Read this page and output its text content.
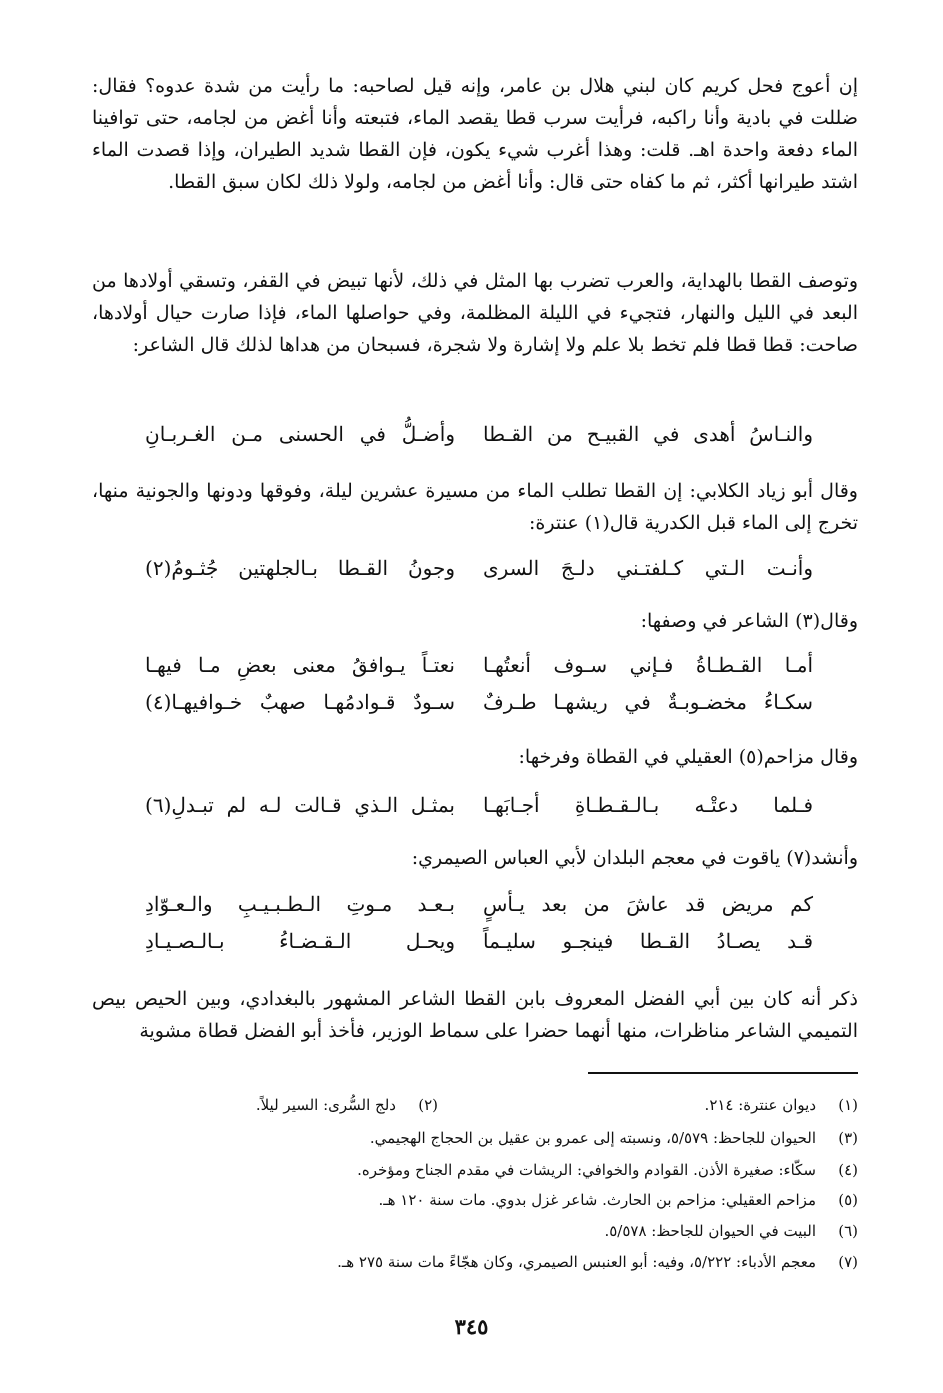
إن أعوج فحل كريم كان لبني هلال بن عامر، وإنه قيل لصاحبه: ما رأيت من شدة عدوه؟ فقال: ضللت في بادية وأنا راكبه، فرأيت سرب قطا يقصد الماء، فتبعته وأنا أغض من لجامه، حتى توافينا الماء دفعة واحدة اهـ. قلت: وهذا أغرب شيء يكون، فإن القطا شديد الطيران، وإذا قصدت الماء اشتد طيرانها أكثر، ثم ما كفاه حتى قال: وأنا أغض من لجامه، ولولا ذلك لكان سبق القطا.

وتوصف القطا بالهداية، والعرب تضرب بها المثل في ذلك، لأنها تبيض في القفر، وتسقي أولادها من البعد في الليل والنهار، فتجيء في الليلة المظلمة، وفي حواصلها الماء، فإذا صارت حيال أولادها، صاحت: قطا قطا فلم تخط بلا علم ولا إشارة ولا شجرة، فسبحان من هداها لذلك قال الشاعر:

والنـاسُ أهدى في القبيـح من القـطا
وأضـلُّ في الحسنى مـن الغـربـانِ

وقال أبو زياد الكلابي: إن القطا تطلب الماء من مسيرة عشرين ليلة، وفوقها ودونها والجونية منها، تخرج إلى الماء قبل الكدرية قال(١) عنترة:

وأنـت الـتي كـلفتـني دلـجَ السرى
وجونُ القـطا بـالجلهتين جُثـومُ(٢)

وقال(٣) الشاعر في وصفها:

أمـا القـطـاةُ فـإني سـوف أنعتُهـا
نعتـاً يـوافقُ معنى بعضِ مـا فيهـا
سكـاءُ مخضـوبـةٌ في ريشهـا طـرفٌ
سـودٌ قـوادمُهـا صهبٌ خـوافيهـا(٤)

وقال مزاحم(٥) العقيلي في القطاة وفرخها:

فـلما دعتْـه بـالـقـطـاةِ أجـابَهـا
بمثـل الـذي قـالت لـه لم تبـدلِ(٦)

وأنشد(٧) ياقوت في معجم البلدان لأبي العباس الصيمري:

كم مريض قد عاشَ من بعد يـأسٍ
بـعـد مـوتِ الـطـبـيـبِ والـعـوّادِ
قـد يصـادُ القـطا فينجـو سليـماً
ويحـل الـقـضـاءُ بـالـصـيـادِ

ذكر أنه كان بين أبي الفضل المعروف بابن القطا الشاعر المشهور بالبغدادي، وبين الحيص بيص التميمي الشاعر مناظرات، منها أنهما حضرا على سماط الوزير، فأخذ أبو الفضل قطاة مشوية

(١)ديوان عنترة: ٢١٤.
(٢)دلج السُّرى: السير ليلاً.
(٣)الحيوان للجاحظ: ٥/٥٧٩، ونسبته إلى عمرو بن عقيل بن الحجاج الهجيمي.
(٤)سكّاء: صغيرة الأذن. القوادم والخوافي: الريشات في مقدم الجناح ومؤخره.
(٥)مزاحم العقيلي: مزاحم بن الحارث. شاعر غزل بدوي. مات سنة ١٢٠ هـ.
(٦)البيت في الحيوان للجاحظ: ٥/٥٧٨.
(٧)معجم الأدباء: ٥/٢٢٢، وفيه: أبو العنبس الصيمري، وكان هجّاءً مات سنة ٢٧٥ هـ.
٣٤٥
